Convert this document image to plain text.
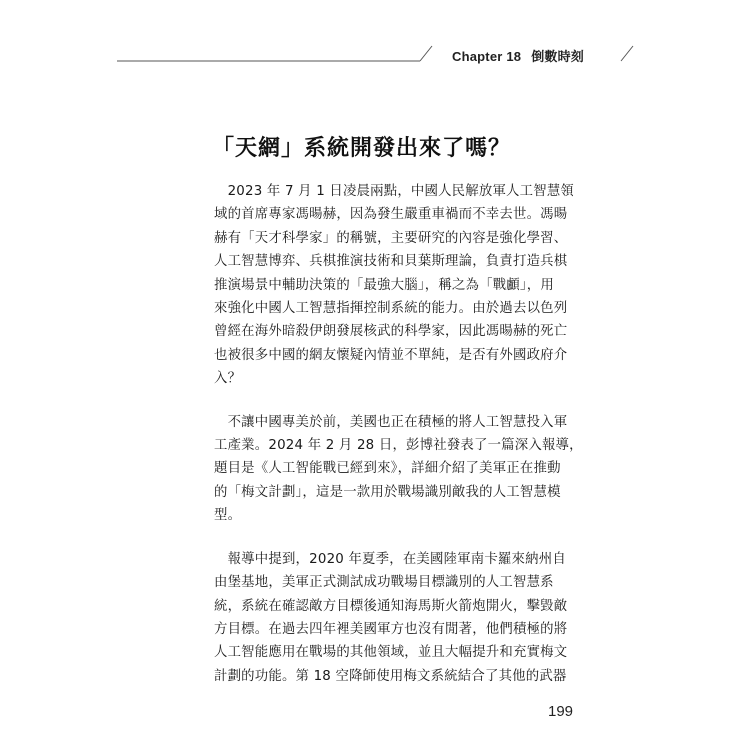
Chapter 18 倒數時刻
「天網」系統開發出來了嗎？

　2023 年 7 月 1 日凌晨兩點，中國人民解放軍人工智慧領
域的首席專家馮暘赫，因為發生嚴重車禍而不幸去世。馮暘
赫有「天才科學家」的稱號，主要研究的內容是強化學習、
人工智慧博弈、兵棋推演技術和貝葉斯理論，負責打造兵棋
推演場景中輔助決策的「最強大腦」，稱之為「戰顱」，用
來強化中國人工智慧指揮控制系統的能力。由於過去以色列
曾經在海外暗殺伊朗發展核武的科學家，因此馮暘赫的死亡
也被很多中國的網友懷疑內情並不單純，是否有外國政府介
入？

　不讓中國專美於前，美國也正在積極的將人工智慧投入軍
工產業。2024 年 2 月 28 日，彭博社發表了一篇深入報導，
題目是《人工智能戰已經到來》，詳細介紹了美軍正在推動
的「梅文計劃」，這是一款用於戰場識別敵我的人工智慧模
型。

　報導中提到，2020 年夏季，在美國陸軍南卡羅來納州自
由堡基地，美軍正式測試成功戰場目標識別的人工智慧系
統，系統在確認敵方目標後通知海馬斯火箭炮開火，擊毀敵
方目標。在過去四年裡美國軍方也沒有閒著，他們積極的將
人工智能應用在戰場的其他領域，並且大幅提升和充實梅文
計劃的功能。第 18 空降師使用梅文系統結合了其他的武器

199
